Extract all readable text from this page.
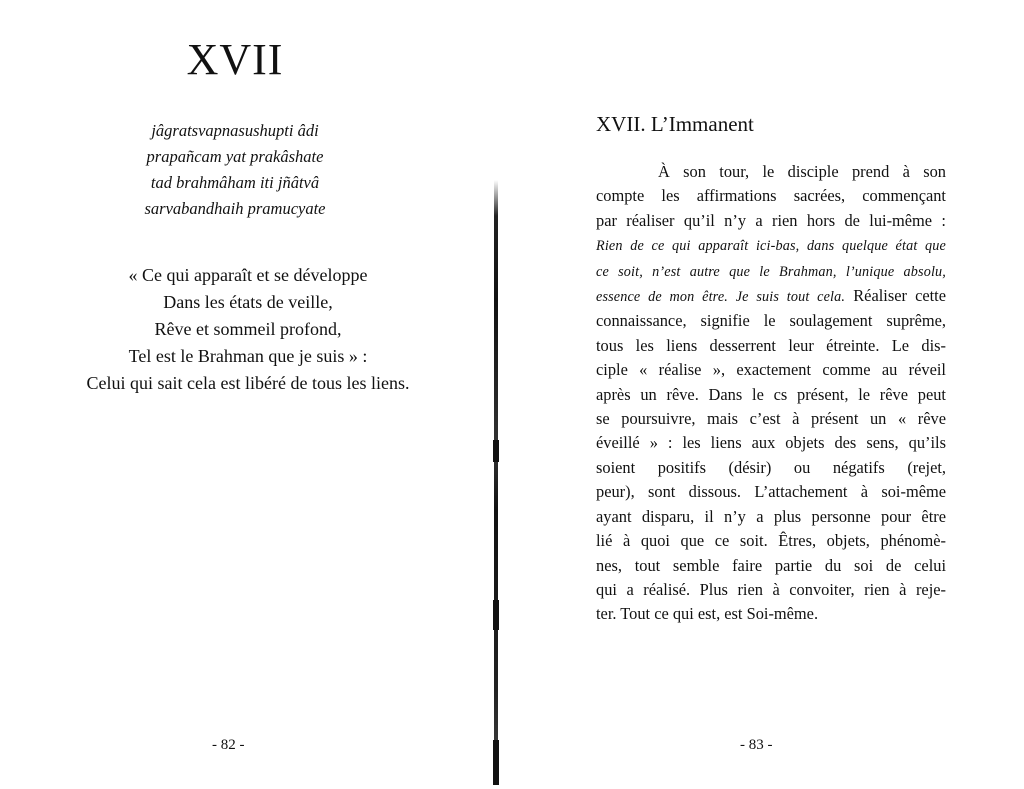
XVII
jâgratsvapnasushupti âdi
prapañcam yat prakâshate
tad brahmâham iti jñâtvâ
sarvabandhaih pramucyate
« Ce qui apparaît et se développe
Dans les états de veille,
Rêve et sommeil profond,
Tel est le Brahman que je suis » :
Celui qui sait cela est libéré de tous les liens.

- 82 -

XVII. L’Immanent

À son tour, le disciple prend à son
compte les affirmations sacrées, commençant
par réaliser qu’il n’y a rien hors de lui-même :
Rien de ce qui apparaît ici-bas, dans quelque état que
ce soit, n’est autre que le Brahman, l’unique absolu,
essence de mon être. Je suis tout cela. Réaliser cette
connaissance, signifie le soulagement suprême,
tous les liens desserrent leur étreinte. Le dis-
ciple « réalise », exactement comme au réveil
après un rêve. Dans le cs présent, le rêve peut
se poursuivre, mais c’est à présent un « rêve
éveillé » : les liens aux objets des sens, qu’ils
soient positifs (désir) ou négatifs (rejet,
peur), sont dissous. L’attachement à soi-même
ayant disparu, il n’y a plus personne pour être
lié à quoi que ce soit. Êtres, objets, phénomè-
nes, tout semble faire partie du soi de celui
qui a réalisé. Plus rien à convoiter, rien à reje-
ter. Tout ce qui est, est Soi-même.

- 83 -
